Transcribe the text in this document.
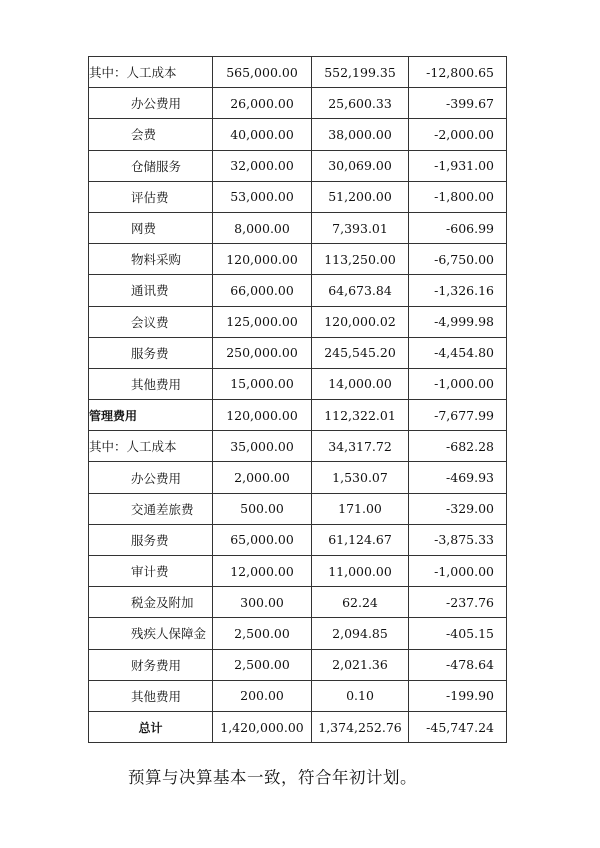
其中：人工成本	565,000.00	552,199.35	-12,800.65
办公费用	26,000.00	25,600.33	-399.67
会费	40,000.00	38,000.00	-2,000.00
仓储服务	32,000.00	30,069.00	-1,931.00
评估费	53,000.00	51,200.00	-1,800.00
网费	8,000.00	7,393.01	-606.99
物料采购	120,000.00	113,250.00	-6,750.00
通讯费	66,000.00	64,673.84	-1,326.16
会议费	125,000.00	120,000.02	-4,999.98
服务费	250,000.00	245,545.20	-4,454.80
其他费用	15,000.00	14,000.00	-1,000.00
管理费用	120,000.00	112,322.01	-7,677.99
其中：人工成本	35,000.00	34,317.72	-682.28
办公费用	2,000.00	1,530.07	-469.93
交通差旅费	500.00	171.00	-329.00
服务费	65,000.00	61,124.67	-3,875.33
审计费	12,000.00	11,000.00	-1,000.00
税金及附加	300.00	62.24	-237.76
残疾人保障金	2,500.00	2,094.85	-405.15
财务费用	2,500.00	2,021.36	-478.64
其他费用	200.00	0.10	-199.90
总计	1,420,000.00	1,374,252.76	-45,747.24
预算与决算基本一致，符合年初计划。
